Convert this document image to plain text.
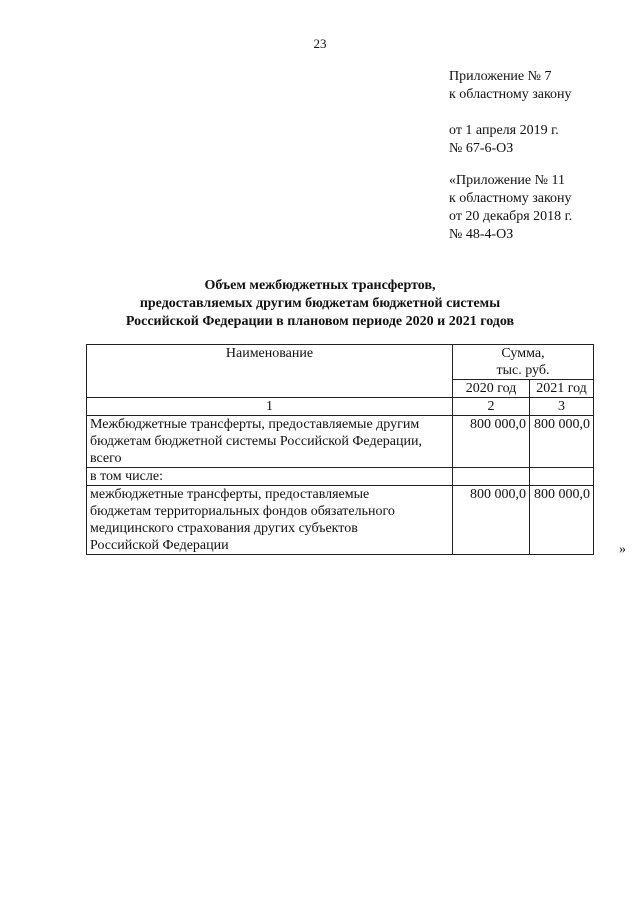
23
Приложение № 7
к областному закону
от 1 апреля 2019 г.
№ 67-6-ОЗ
«Приложение № 11
к областному закону
от 20 декабря 2018 г.
№ 48-4-ОЗ
Объем межбюджетных трансфертов,
предоставляемых другим бюджетам бюджетной системы
Российской Федерации в плановом периоде 2020 и 2021 годов
Наименование	Сумма,
тыс. руб.	

	2020 год	2021 год
1	2	3

Межбюджетные трансферты, предоставляемые другим
бюджетам бюджетной системы Российской Федерации,
всего	800 000,0	800 000,0

в том числе:		

межбюджетные трансферты, предоставляемые
бюджетам территориальных фондов обязательного
медицинского страхования других субъектов
Российской Федерации	800 000,0	800 000,0
»
